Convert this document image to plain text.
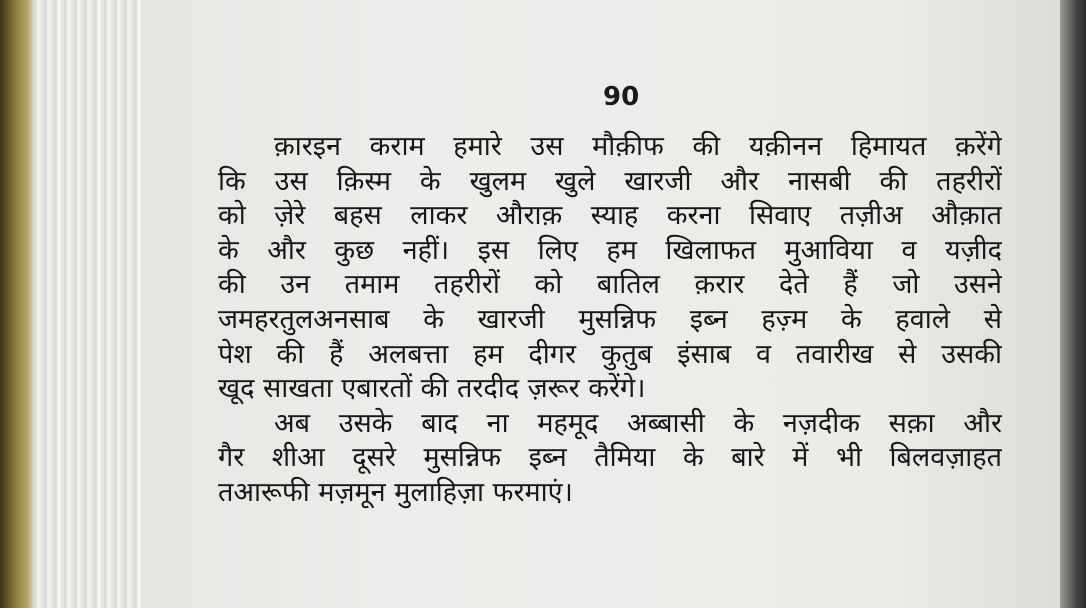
90
क़ारइन कराम हमारे उस मौक़ीफ की यक़ीनन हिमायत क़रेंगे
कि उस क़िस्म के खुलम खुले खारजी और नासबी की तहरीरों
को ज़ेरे बहस लाकर औराक़ स्याह करना सिवाए तज़ीअ औक़ात
के और कुछ नहीं। इस लिए हम खिलाफत मुआविया व यज़ीद
की उन तमाम तहरीरों को बातिल क़रार देते हैं जो उसने
जमहरतुलअनसाब के खारजी मुसन्निफ इब्न हज़्म के हवाले से
पेश की हैं अलबत्ता हम दीगर कुतुब इंसाब व तवारीख से उसकी
खूद साखता एबारतों की तरदीद ज़रूर करेंगे।
अब उसके बाद ना महमूद अब्बासी के नज़दीक सक़ा और
गैर शीआ दूसरे मुसन्निफ इब्न तैमिया के बारे में भी बिलवज़ाहत
तआरूफी मज़मून मुलाहिज़ा फरमाएं।
